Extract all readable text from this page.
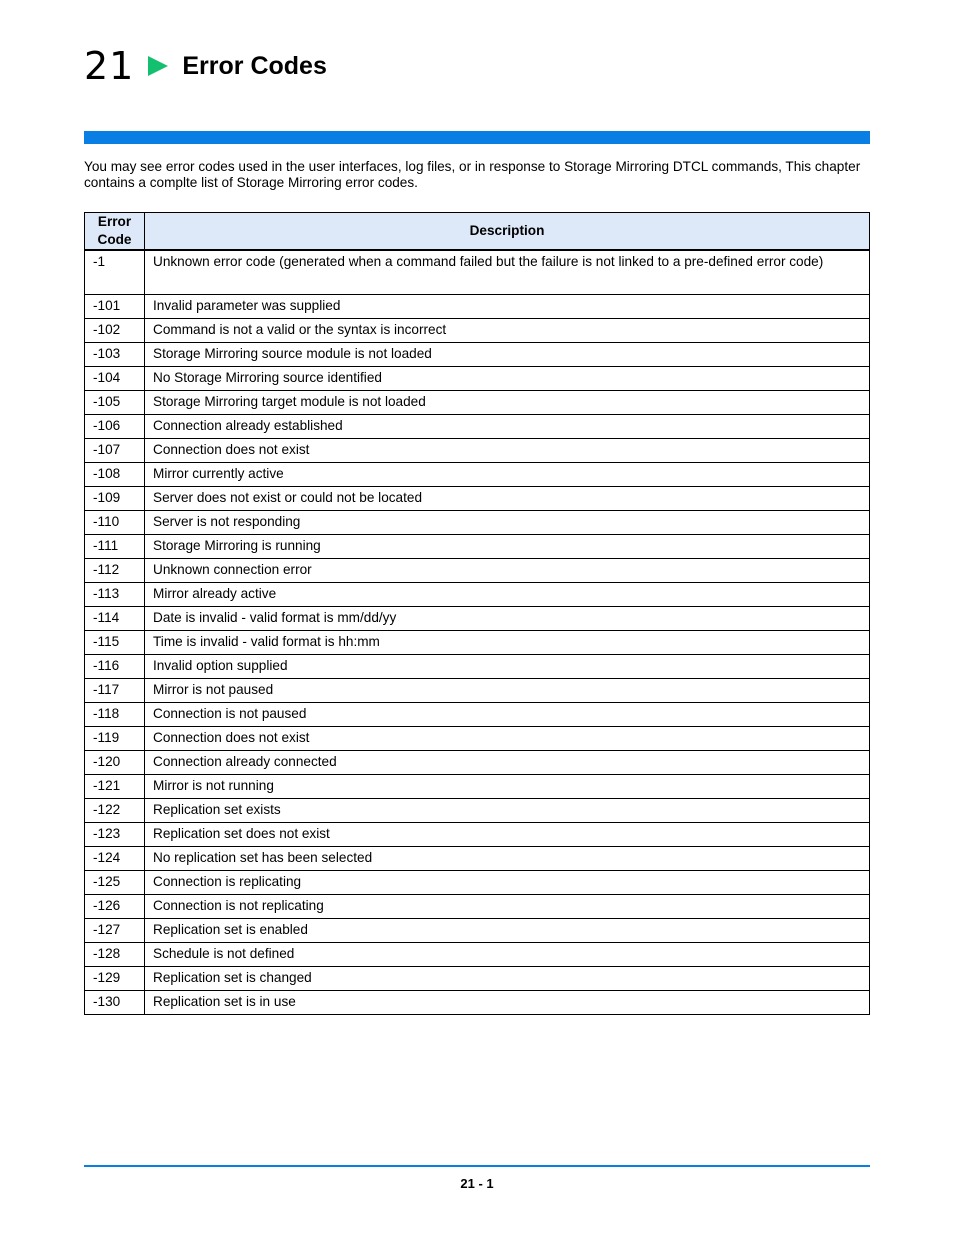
21 Error Codes

You may see error codes used in the user interfaces, log files, or in response to Storage Mirroring DTCL commands, This chapter contains a complte list of Storage Mirroring error codes.

Error Code	Description
-1	Unknown error code (generated when a command failed but the failure is not linked to a pre-defined error code)
-101	Invalid parameter was supplied
-102	Command is not a valid or the syntax is incorrect
-103	Storage Mirroring source module is not loaded
-104	No Storage Mirroring source identified
-105	Storage Mirroring target module is not loaded
-106	Connection already established
-107	Connection does not exist
-108	Mirror currently active
-109	Server does not exist or could not be located
-110	Server is not responding
-111	Storage Mirroring is running
-112	Unknown connection error
-113	Mirror already active
-114	Date is invalid - valid format is mm/dd/yy
-115	Time is invalid - valid format is hh:mm
-116	Invalid option supplied
-117	Mirror is not paused
-118	Connection is not paused
-119	Connection does not exist
-120	Connection already connected
-121	Mirror is not running
-122	Replication set exists
-123	Replication set does not exist
-124	No replication set has been selected
-125	Connection is replicating
-126	Connection is not replicating
-127	Replication set is enabled
-128	Schedule is not defined
-129	Replication set is changed
-130	Replication set is in use
21 - 1
